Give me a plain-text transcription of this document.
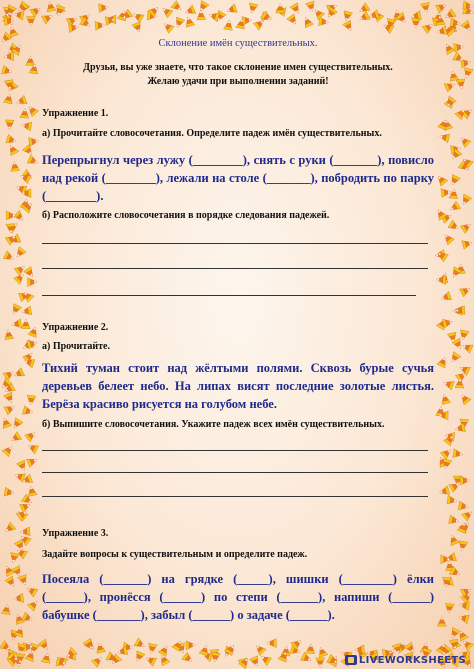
Склонение имён существительных.
Друзья, вы уже знаете, что такое склонение имен существительных.
Желаю удачи при выполнении заданий!
Упражнение 1.
а) Прочитайте словосочетания. Определите падеж имён существительных.
Перепрыгнул через лужу (________), снять с руки (_______), повисло над рекой (________), лежали на столе (_______), побродить по парку (________).
б) Расположите словосочетания в порядке следования падежей.
Упражнение 2.
а) Прочитайте.
Тихий туман стоит над жёлтыми полями. Сквозь бурые сучья деревьев белеет небо. На липах висят последние золотые листья. Берёза красиво рисуется на голубом небе.
б) Выпишите словосочетания. Укажите падеж всех имён существительных.
Упражнение 3.
Задайте вопросы к существительным и определите падеж.
Посеяла (_______) на грядке (_____), шишки (________) ёлки (______), пронёсся (______) по степи (______), напиши (______) бабушке (_______), забыл (______) о задаче (______).
LIVEWORKSHEETS
